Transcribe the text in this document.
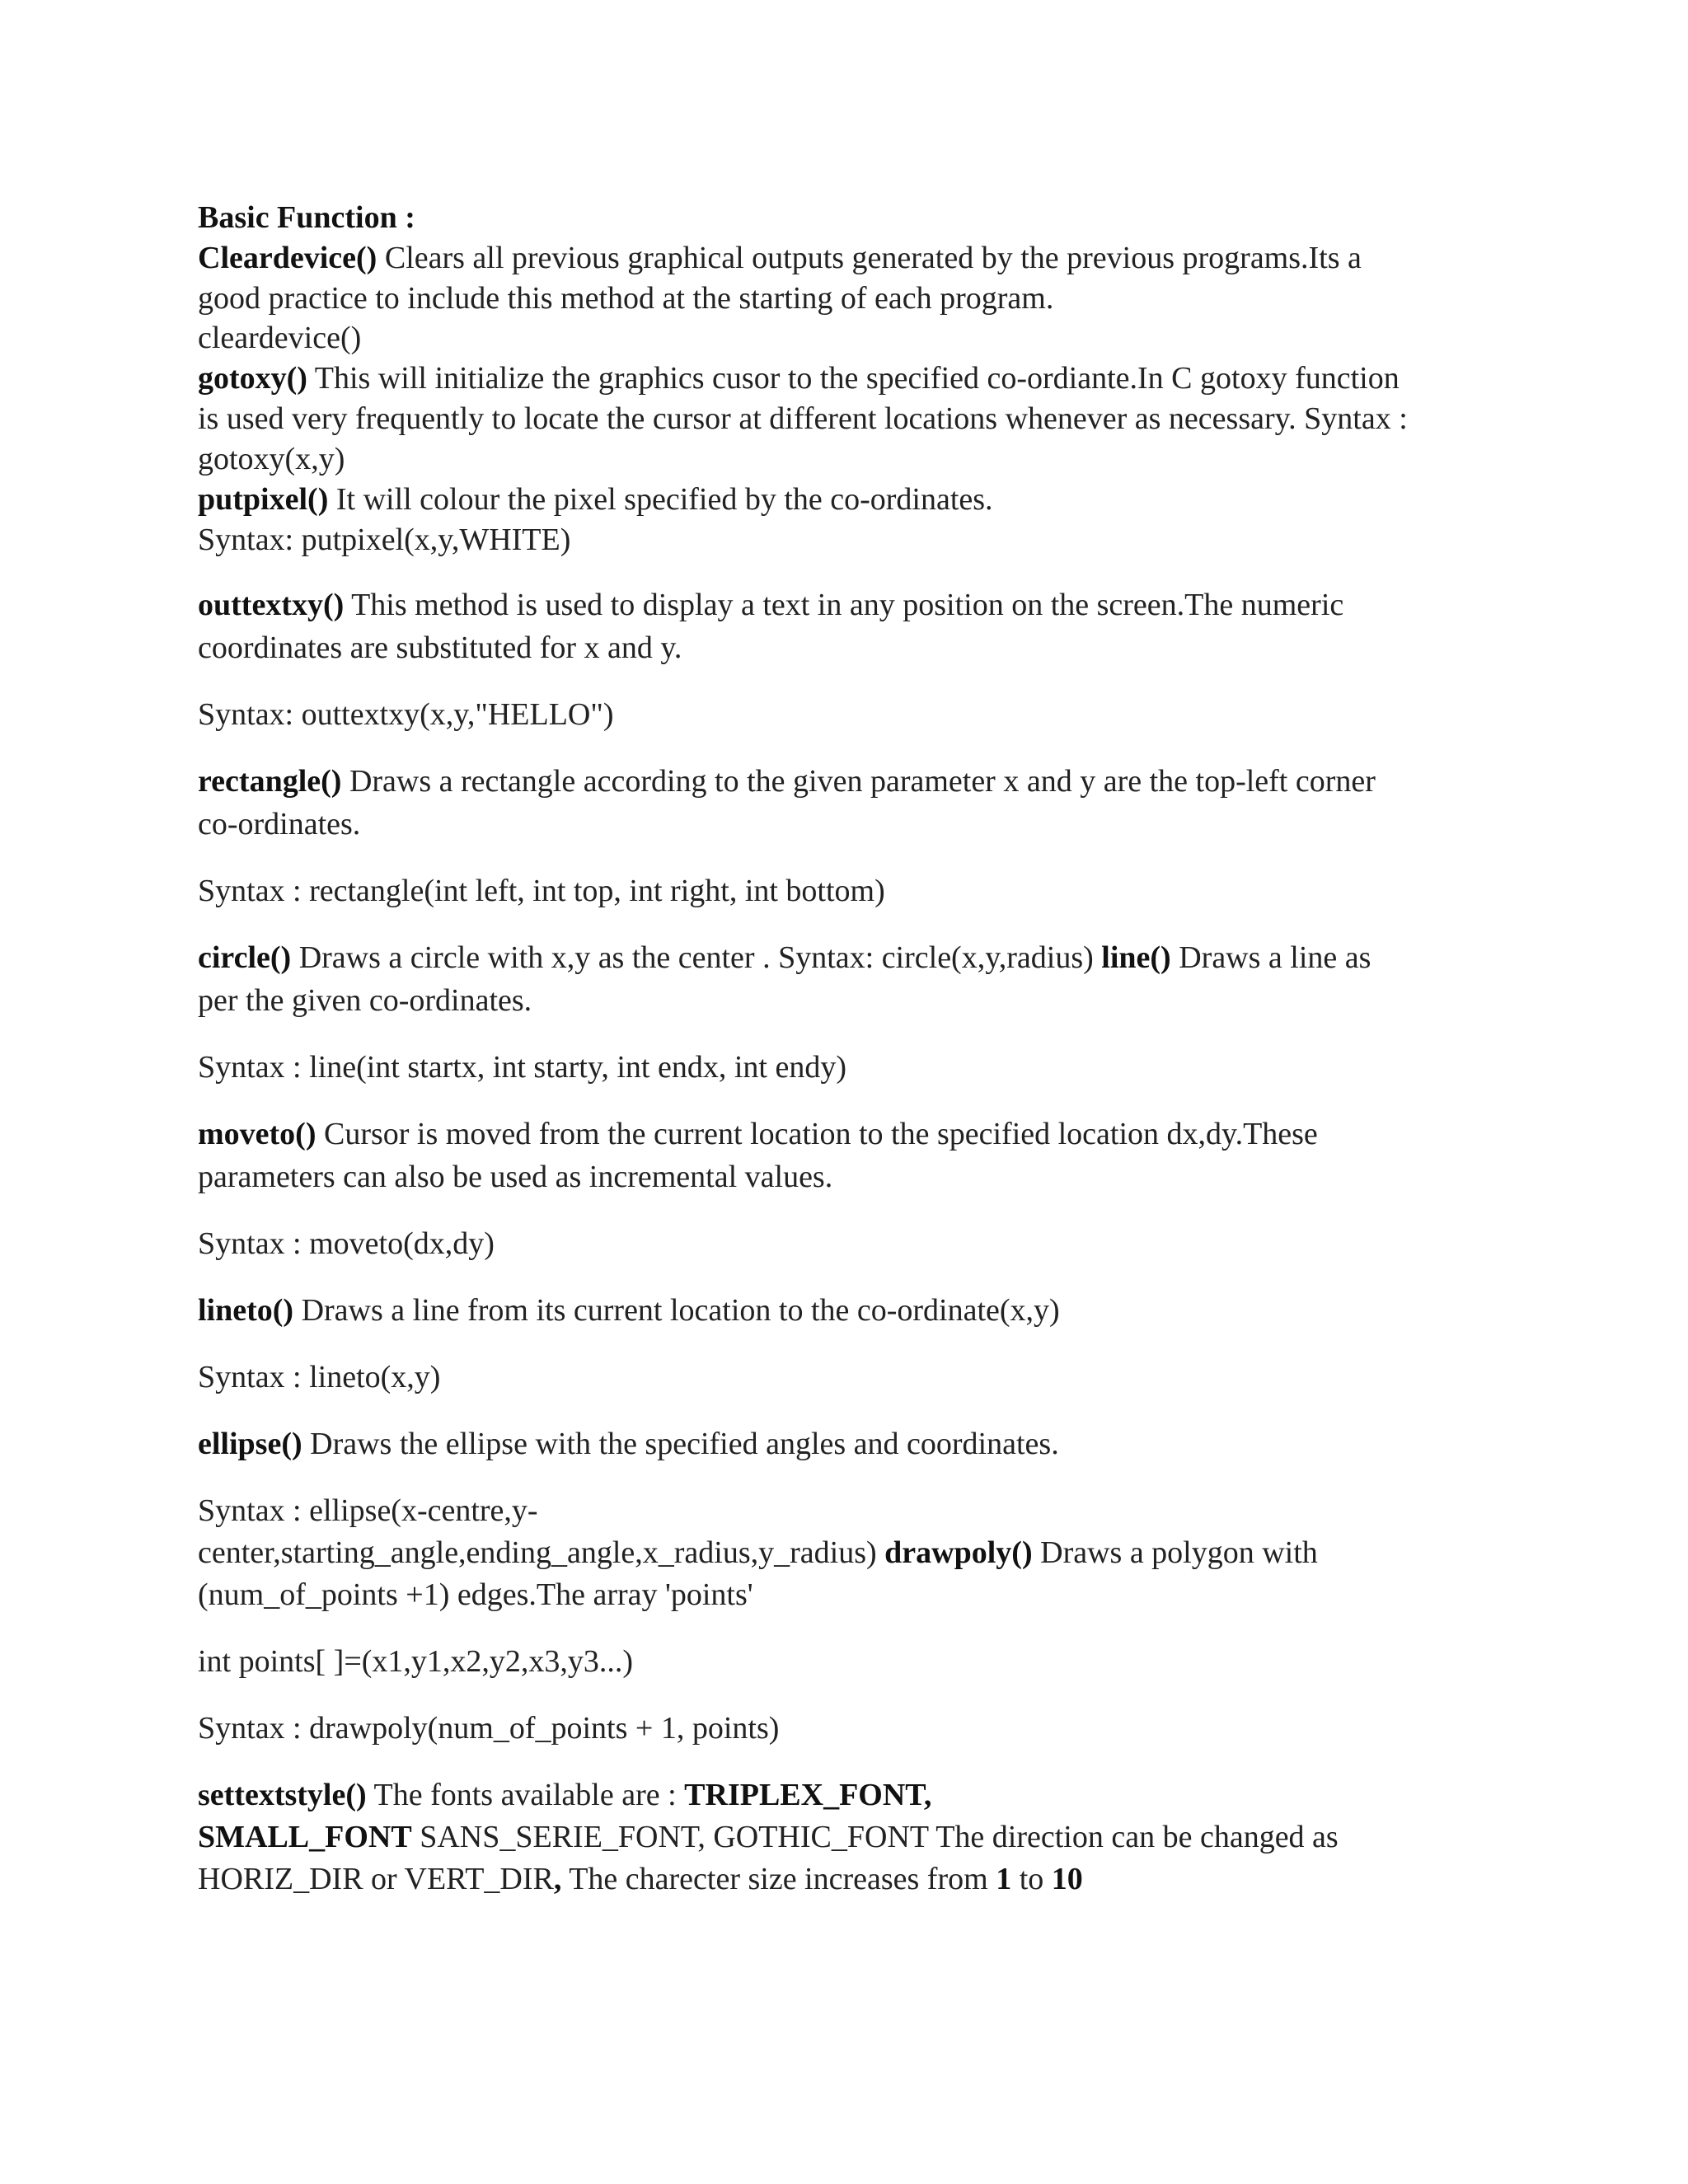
Basic Function :
Cleardevice() Clears all previous graphical outputs generated by the previous programs.Its a
good practice to include this method at the starting of each program.
cleardevice()
gotoxy() This will initialize the graphics cusor to the specified co-ordiante.In C gotoxy function
is used very frequently to locate the cursor at different locations whenever as necessary. Syntax :
gotoxy(x,y)
putpixel() It will colour the pixel specified by the co-ordinates.
Syntax: putpixel(x,y,WHITE)
outtextxy() This method is used to display a text in any position on the screen.The numeric
coordinates are substituted for x and y.
Syntax: outtextxy(x,y,"HELLO")
rectangle() Draws a rectangle according to the given parameter x and y are the top-left corner
co-ordinates.
Syntax : rectangle(int left, int top, int right, int bottom)
circle() Draws a circle with x,y as the center . Syntax: circle(x,y,radius) line() Draws a line as
per the given co-ordinates.
Syntax : line(int startx, int starty, int endx, int endy)
moveto() Cursor is moved from the current location to the specified location dx,dy.These
parameters can also be used as incremental values.
Syntax : moveto(dx,dy)
lineto() Draws a line from its current location to the co-ordinate(x,y)
Syntax : lineto(x,y)
ellipse() Draws the ellipse with the specified angles and coordinates.
Syntax : ellipse(x-centre,y-
center,starting_angle,ending_angle,x_radius,y_radius) drawpoly() Draws a polygon with
(num_of_points +1) edges.The array 'points'
int points[ ]=(x1,y1,x2,y2,x3,y3...)
Syntax : drawpoly(num_of_points + 1, points)
settextstyle() The fonts available are : TRIPLEX_FONT,
SMALL_FONT SANS_SERIE_FONT, GOTHIC_FONT The direction can be changed as
HORIZ_DIR or VERT_DIR, The charecter size increases from 1 to 10
